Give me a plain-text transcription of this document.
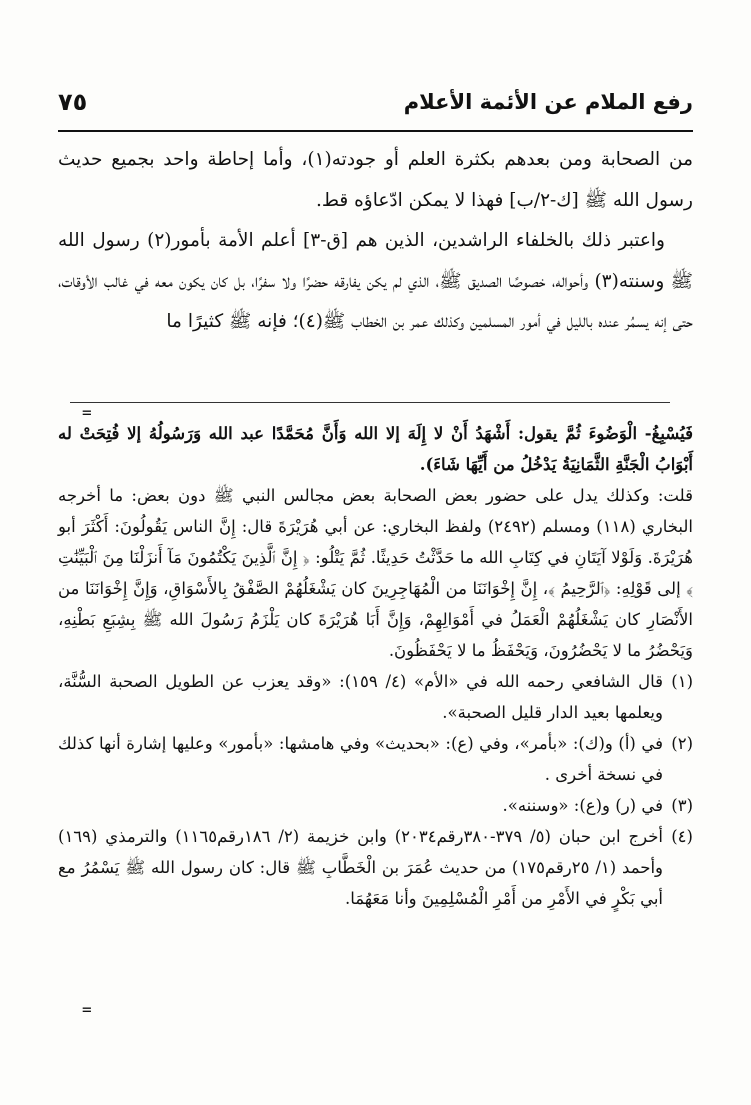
رفع الملام عن الأئمة الأعلام
٧٥

من الصحابة ومن بعدهم بكثرة العلم أو جودته(١)، وأما إحاطة واحد بجميع حديث رسول الله ﷺ [ك-٢/ب] فهذا لا يمكن ادّعاؤه قط.

واعتبر ذلك بالخلفاء الراشدين، الذين هم [ق-٣] أعلم الأمة بأمور(٢) رسول الله ﷺ وسنته(٣) وأحواله، خصوصًا الصديق ﷺ، الذي لم يكن يفارقه حضرًا ولا سفرًا، بل كان يكون معه في غالب الأوقات، حتى إنه يسمُر عنده بالليل في أمور المسلمين وكذلك عمر بن الخطاب ﷺ(٤)؛ فإنه ﷺ كثيرًا ما

=

فَيُسْبِغُ- الْوَضُوءَ ثُمَّ يقول: أَشْهَدُ أَنْ لا إِلَهَ إلا الله وَأَنَّ مُحَمَّدًا عبد الله وَرَسُولُهُ إلا فُتِحَتْ له أَبْوَابُ الْجَنَّةِ الثَّمَانِيَةُ يَدْخُلُ من أَيِّهَا شَاءَ).

قلت: وكذلك يدل على حضور بعض الصحابة بعض مجالس النبي ﷺ دون بعض: ما أخرجه البخاري (١١٨) ومسلم (٢٤٩٢) ولفظ البخاري: عن أبي هُرَيْرَةَ قال: إِنَّ الناس يَقُولُونَ: أَكْثَرَ أبو هُرَيْرَةَ. وَلَوْلا آيَتَانِ في كِتَابِ الله ما حَدَّثْتُ حَدِيثًا. ثُمَّ يَتْلُو: ﴿ إِنَّ ٱلَّذِينَ يَكْتُمُونَ مَآ أَنزَلْنَا مِنَ ٱلْبَيِّنَٰتِ ﴾ إلى قَوْلِهِ: ﴿ٱلرَّحِيمُ ﴾، إِنَّ إِخْوَانَنَا من الْمُهَاجِرِينَ كان يَشْغَلُهُمْ الصَّفْقُ بِالأَسْوَاقِ، وَإِنَّ إِخْوَانَنَا من الأَنْصَارِ كان يَشْغَلُهُمْ الْعَمَلُ في أَمْوَالِهِمْ، وَإِنَّ أَبَا هُرَيْرَةَ كان يَلْزَمُ رَسُولَ الله ﷺ بِشِبَعِ بَطْنِهِ، وَيَحْضُرُ ما لا يَحْضُرُونَ، وَيَحْفَظُ ما لا يَحْفَظُونَ.

(١)قال الشافعي رحمه الله في «الأم» (٤/ ١٥٩): «وقد يعزب عن الطويل الصحبة السُّنَّة، ويعلمها بعيد الدار قليل الصحبة».

(٢)في (أ) و(ك): «بأمر»، وفي (ع): «بحديث» وفي هامشها: «بأمور» وعليها إشارة أنها كذلك في نسخة أخرى .

(٣)في (ر) و(ع): «وسننه».

(٤)أخرج ابن حبان (٥/ ٣٧٩-٣٨٠رقم٢٠٣٤) وابن خزيمة (٢/ ١٨٦رقم١١٦٥) والترمذي (١٦٩) وأحمد (١/ ٢٥رقم١٧٥) من حديث عُمَرَ بن الْخَطَّابِ ﷺ قال: كان رسول الله ﷺ يَسْمُرُ مع أبي بَكْرٍ في الأَمْرِ من أَمْرِ الْمُسْلِمِينَ وأنا مَعَهُمَا.

=
